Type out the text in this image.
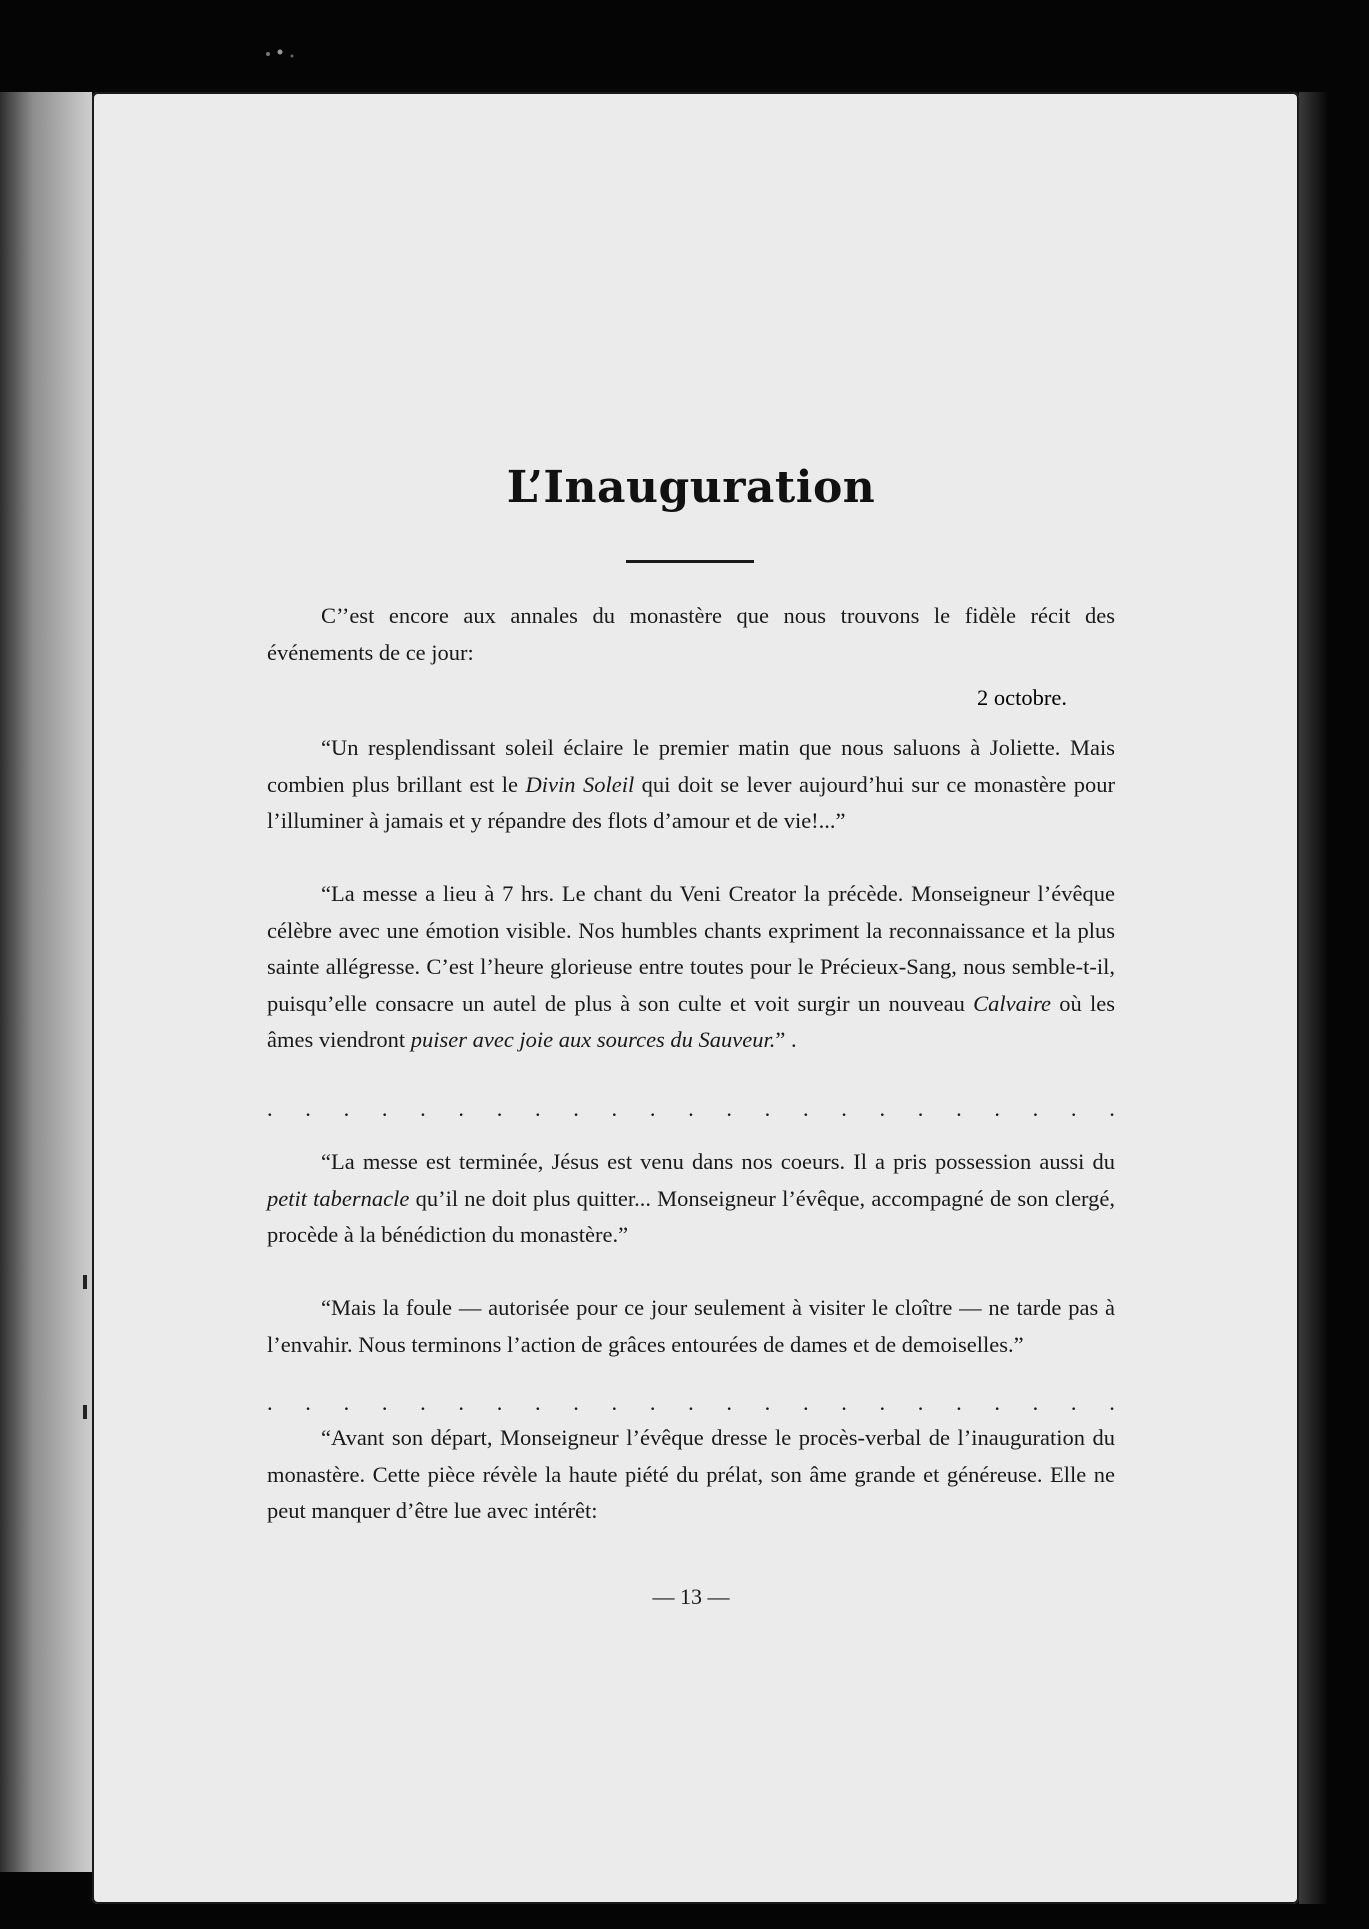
L’Inauguration

C’’est encore aux annales du monastère que nous trouvons le fidèle récit des événements de ce jour:

2 octobre.

“Un resplendissant soleil éclaire le premier matin que nous saluons à Joliette. Mais combien plus brillant est le Divin Soleil qui doit se lever aujourd’hui sur ce monastère pour l’illuminer à jamais et y répandre des flots d’amour et de vie!...”

“La messe a lieu à 7 hrs. Le chant du Veni Creator la précède. Monseigneur l’évêque célèbre avec une émotion visible. Nos humbles chants expriment la reconnaissance et la plus sainte allégresse. C’est l’heure glorieuse entre toutes pour le Précieux-Sang, nous semble-t-il, puisqu’elle consacre un autel de plus à son culte et voit surgir un nouveau Calvaire où les âmes viendront puiser avec joie aux sources du Sauveur.” .

. . . . . . . . . . . . . . . . . . . . . . .

“La messe est terminée, Jésus est venu dans nos coeurs. Il a pris possession aussi du petit tabernacle qu’il ne doit plus quitter... Monseigneur l’évêque, accompagné de son clergé, procède à la bénédiction du monastère.”

“Mais la foule — autorisée pour ce jour seulement à visiter le cloître — ne tarde pas à l’envahir. Nous terminons l’action de grâces entourées de dames et de demoiselles.”

. . . . . . . . . . . . . . . . . . . . . . .

“Avant son départ, Monseigneur l’évêque dresse le procès-verbal de l’inauguration du monastère. Cette pièce révèle la haute piété du prélat, son âme grande et généreuse. Elle ne peut manquer d’être lue avec intérêt:

— 13 —
